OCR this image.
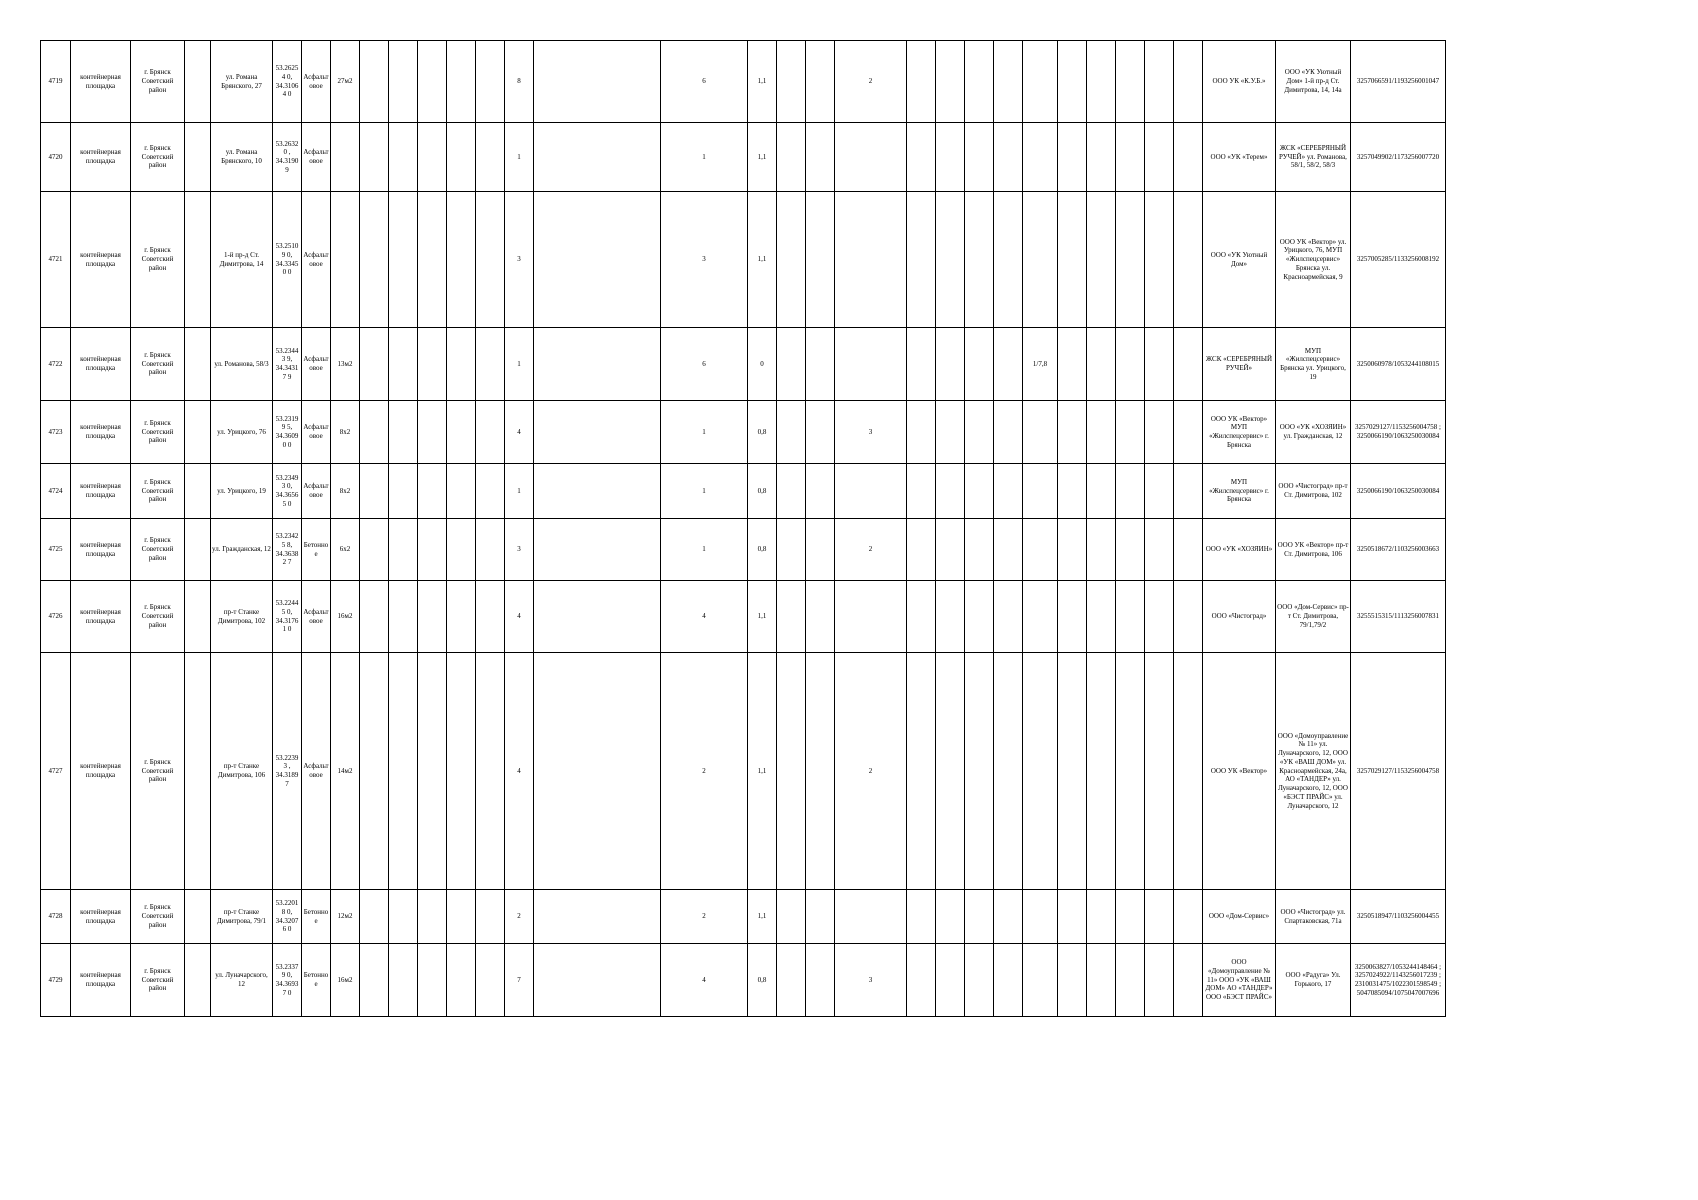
4719	контейнерная площадка	г. Брянск Советский район		ул. Романа Брянского, 27	53.26254 0, 34.31064 0	Асфальт овое	27м2						8		6	1,1			2											ООО УК «К.У.Б.»	ООО «УК Уютный Дом» 1-й пр-д Ст. Димитрова, 14, 14а	3257066591/1193256001047

4720	контейнерная площадка	г. Брянск Советский район		ул. Романа Брянского, 10	53.26320 , 34.31909	Асфальт овое							1		1	1,1														ООО «УК «Терем»	ЖСК «СЕРЕБРЯНЫЙ РУЧЕЙ» ул. Романова, 58/1, 58/2, 58/3	3257049902/1173256007720

4721	контейнерная площадка	г. Брянск Советский район		1-й пр-д Ст. Димитрова, 14	53.25109 0, 34.33450 0	Асфальт овое							3		3	1,1														ООО «УК Уютный Дом»	ООО УК «Вектор» ул. Урицкого, 76, МУП «Жилспецсервис» Брянска ул. Красноармейская, 9	3257005285/1133256008192

4722	контейнерная площадка	г. Брянск Советский район		ул. Романова, 58/3	53.23443 9, 34.34317 9	Асфальт овое	13м2						1		6	0								1/7,8						ЖСК «СЕРЕБРЯНЫЙ РУЧЕЙ»	МУП «Жилспецсервис» Брянска ул. Урицкого, 19	3250060978/1053244108015

4723	контейнерная площадка	г. Брянск Советский район		ул. Урицкого, 76	53.23199 5, 34.36090 0	Асфальт овое	8х2						4		1	0,8			3											ООО УК «Вектор» МУП «Жилспецсервис» г. Брянска	ООО «УК «ХОЗЯИН» ул. Гражданская, 12	3257029127/1153256004758 ; 3250066190/1063250030084

4724	контейнерная площадка	г. Брянск Советский район		ул. Урицкого, 19	53.23493 0, 34.36565 0	Асфальт овое	8х2						1		1	0,8														МУП «Жилспецсервис» г. Брянска	ООО «Чистоград» пр-т Ст. Димитрова, 102	3250066190/1063250030084

4725	контейнерная площадка	г. Брянск Советский район		ул. Гражданская, 12	53.23425 8, 34.36382 7	Бетонное	6х2						3		1	0,8			2											ООО «УК «ХОЗЯИН»	ООО УК «Вектор» пр-т Ст. Димитрова, 106	3250518672/1103256003663

4726	контейнерная площадка	г. Брянск Советский район		пр-т Станке Димитрова, 102	53.22445 0, 34.31761 0	Асфальт овое	16м2						4		4	1,1														ООО «Чистоград»	ООО «Дом-Сервис» пр-т Ст. Димитрова, 79/1,79/2	3255515315/1113256007831

4727	контейнерная площадка	г. Брянск Советский район		пр-т Станке Димитрова, 106	53.22393 , 34.31897	Асфальт овое	14м2						4		2	1,1			2											ООО УК «Вектор»	ООО «Домоуправление № 11» ул. Луначарского, 12, ООО «УК «ВАШ ДОМ» ул. Красноармейская, 24а, АО «ТАНДЕР» ул. Луначарского, 12, ООО «БЭСТ ПРАЙС» ул. Луначарского, 12	3257029127/1153256004758

4728	контейнерная площадка	г. Брянск Советский район		пр-т Станке Димитрова, 79/1	53.22018 0, 34.32076 0	Бетонное	12м2						2		2	1,1														ООО «Дом-Сервис»	ООО «Чистоград» ул. Спартаковская, 71а	3250518947/1103256004455

4729	контейнерная площадка	г. Брянск Советский район		ул. Луначарского, 12	53.23379 0, 34.36937 0	Бетонное	16м2						7		4	0,8			3											ООО «Домоуправление № 11» ООО «УК «ВАШ ДОМ» АО «ТАНДЕР» ООО «БЭСТ ПРАЙС»	ООО «Радуга» Ул. Горького, 17	3250063827/1053244148464 ; 3257024922/1143256017239 ; 2310031475/1022301598549 ; 5047085094/1075047007696
